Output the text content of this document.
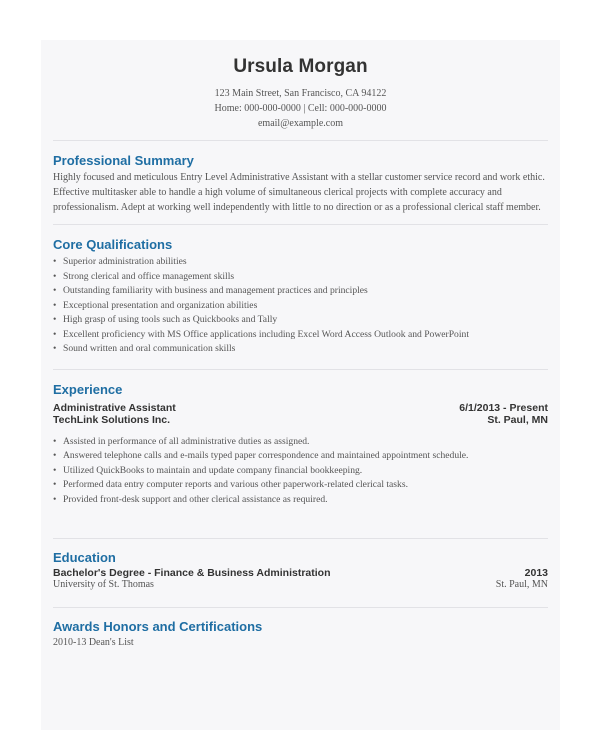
Ursula Morgan
123 Main Street, San Francisco, CA 94122
Home: 000-000-0000 | Cell: 000-000-0000
email@example.com
Professional Summary
Highly focused and meticulous Entry Level Administrative Assistant with a stellar customer service record and work ethic.
Effective multitasker able to handle a high volume of simultaneous clerical projects with complete accuracy and
professionalism. Adept at working well independently with little to no direction or as a professional clerical staff member.
Core Qualifications
• Superior administration abilities
• Strong clerical and office management skills
• Outstanding familiarity with business and management practices and principles
• Exceptional presentation and organization abilities
• High grasp of using tools such as Quickbooks and Tally
• Excellent proficiency with MS Office applications including Excel Word Access Outlook and PowerPoint
• Sound written and oral communication skills
Experience
Administrative Assistant	6/1/2013 - Present
TechLink Solutions Inc.	St. Paul, MN
• Assisted in performance of all administrative duties as assigned.
• Answered telephone calls and e-mails typed paper correspondence and maintained appointment schedule.
• Utilized QuickBooks to maintain and update company financial bookkeeping.
• Performed data entry computer reports and various other paperwork-related clerical tasks.
• Provided front-desk support and other clerical assistance as required.
Education
Bachelor's Degree - Finance & Business Administration	2013
University of St. Thomas	St. Paul, MN
Awards Honors and Certifications
2010-13 Dean's List
